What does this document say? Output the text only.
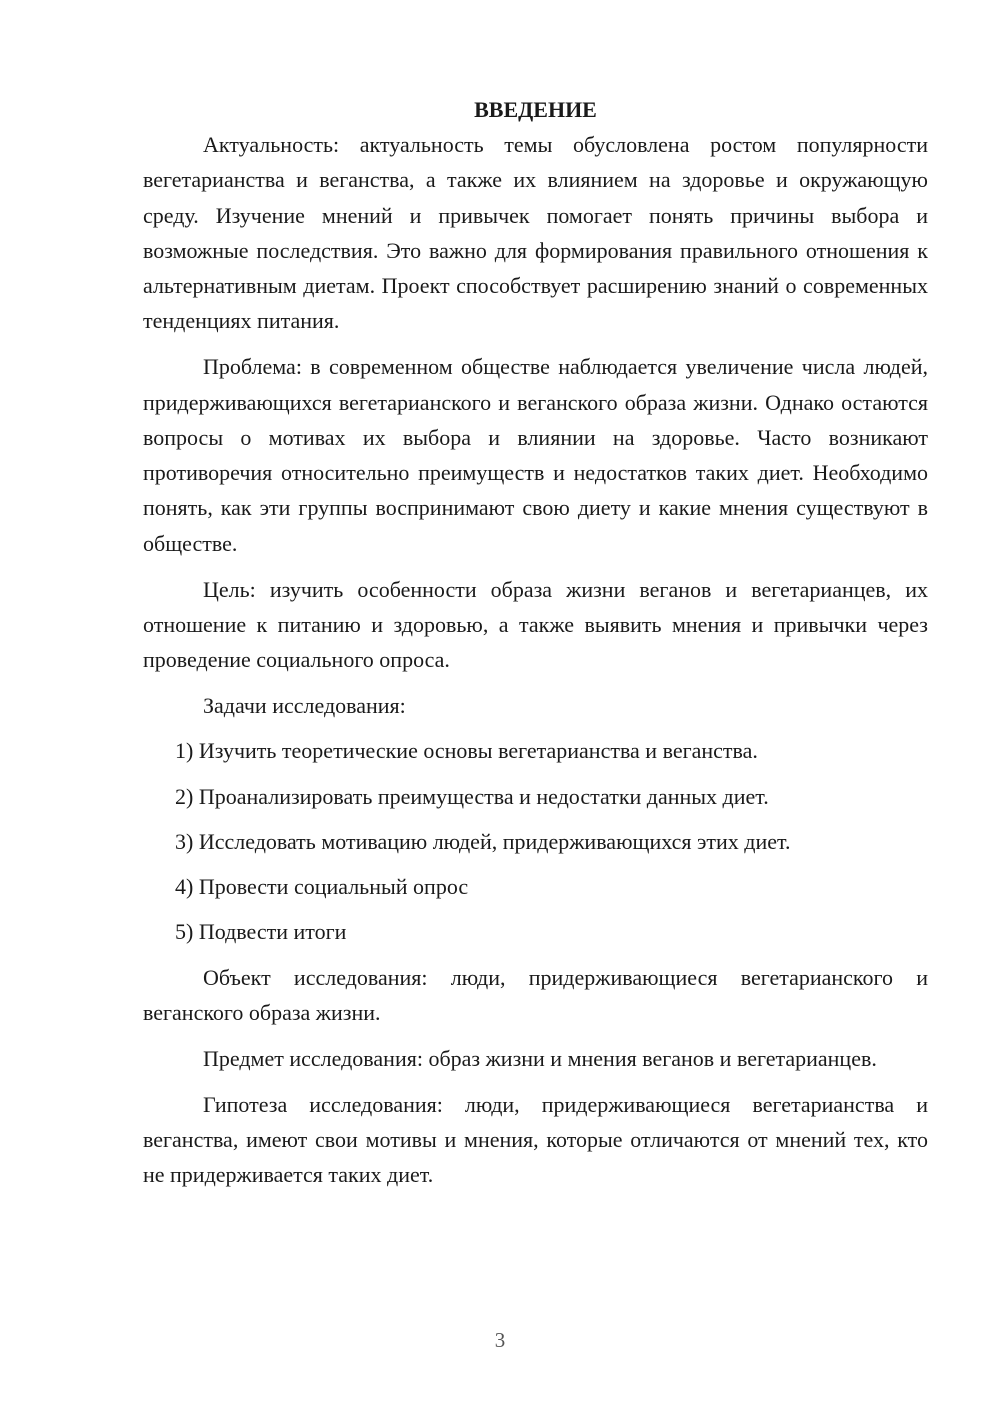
ВВЕДЕНИЕ

Актуальность: актуальность темы обусловлена ростом популярности вегетарианства и веганства, а также их влиянием на здоровье и окружающую среду. Изучение мнений и привычек помогает понять причины выбора и возможные последствия. Это важно для формирования правильного отношения к альтернативным диетам. Проект способствует расширению знаний о современных тенденциях питания.

Проблема: в современном обществе наблюдается увеличение числа людей, придерживающихся вегетарианского и веганского образа жизни. Однако остаются вопросы о мотивах их выбора и влиянии на здоровье. Часто возникают противоречия относительно преимуществ и недостатков таких диет. Необходимо понять, как эти группы воспринимают свою диету и какие мнения существуют в обществе.

Цель: изучить особенности образа жизни веганов и вегетарианцев, их отношение к питанию и здоровью, а также выявить мнения и привычки через проведение социального опроса.

Задачи исследования:
1) Изучить теоретические основы вегетарианства и веганства.
2) Проанализировать преимущества и недостатки данных диет.
3) Исследовать мотивацию людей, придерживающихся этих диет.
4) Провести социальный опрос
5) Подвести итоги

Объект исследования: люди, придерживающиеся вегетарианского и веганского образа жизни.

Предмет исследования: образ жизни и мнения веганов и вегетарианцев.

Гипотеза исследования: люди, придерживающиеся вегетарианства и веганства, имеют свои мотивы и мнения, которые отличаются от мнений тех, кто не придерживается таких диет.

3
